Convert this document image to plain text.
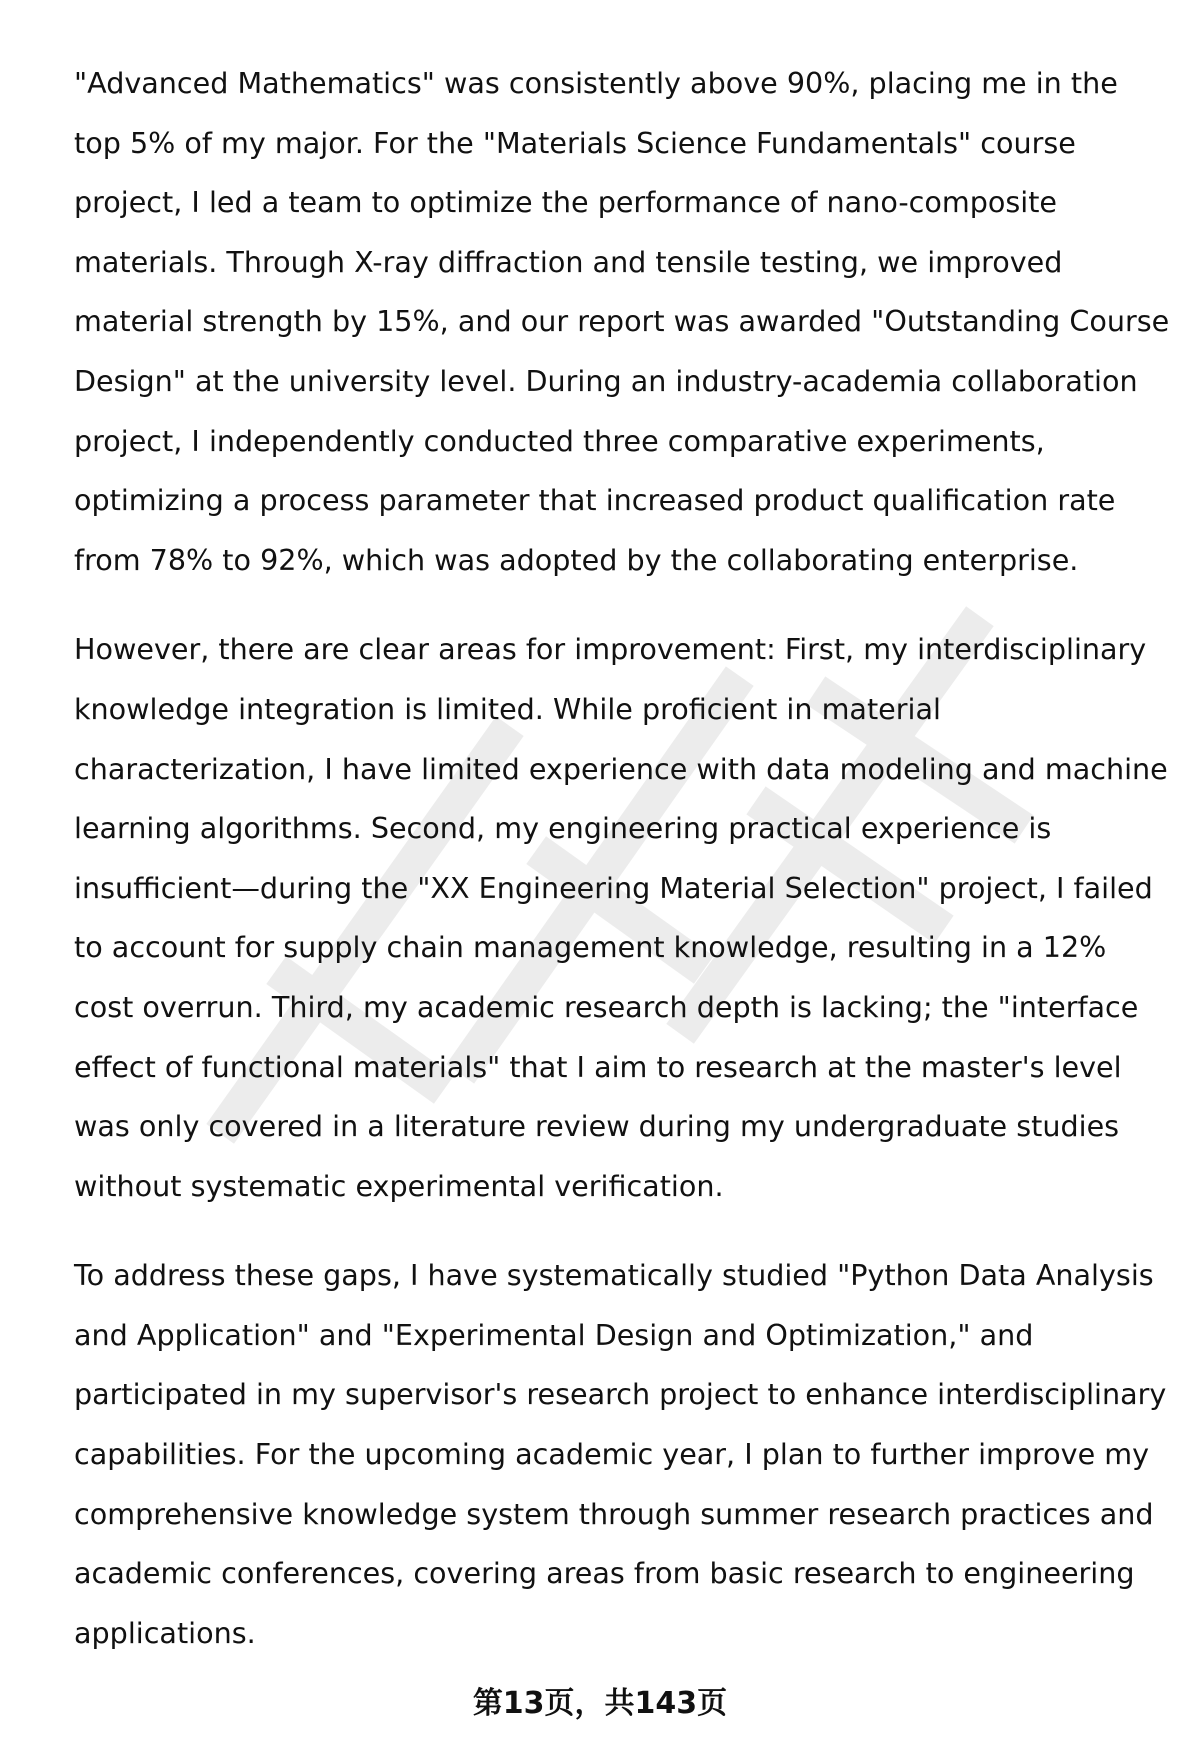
"Advanced Mathematics" was consistently above 90%, placing me in the
top 5% of my major. For the "Materials Science Fundamentals" course
project, I led a team to optimize the performance of nano-composite
materials. Through X-ray diffraction and tensile testing, we improved
material strength by 15%, and our report was awarded "Outstanding Course
Design" at the university level. During an industry-academia collaboration
project, I independently conducted three comparative experiments,
optimizing a process parameter that increased product qualification rate
from 78% to 92%, which was adopted by the collaborating enterprise.

However, there are clear areas for improvement: First, my interdisciplinary
knowledge integration is limited. While proficient in material
characterization, I have limited experience with data modeling and machine
learning algorithms. Second, my engineering practical experience is
insufficient—during the "XX Engineering Material Selection" project, I failed
to account for supply chain management knowledge, resulting in a 12%
cost overrun. Third, my academic research depth is lacking; the "interface
effect of functional materials" that I aim to research at the master's level
was only covered in a literature review during my undergraduate studies
without systematic experimental verification.

To address these gaps, I have systematically studied "Python Data Analysis
and Application" and "Experimental Design and Optimization," and
participated in my supervisor's research project to enhance interdisciplinary
capabilities. For the upcoming academic year, I plan to further improve my
comprehensive knowledge system through summer research practices and
academic conferences, covering areas from basic research to engineering
applications.

第13页，共143页
